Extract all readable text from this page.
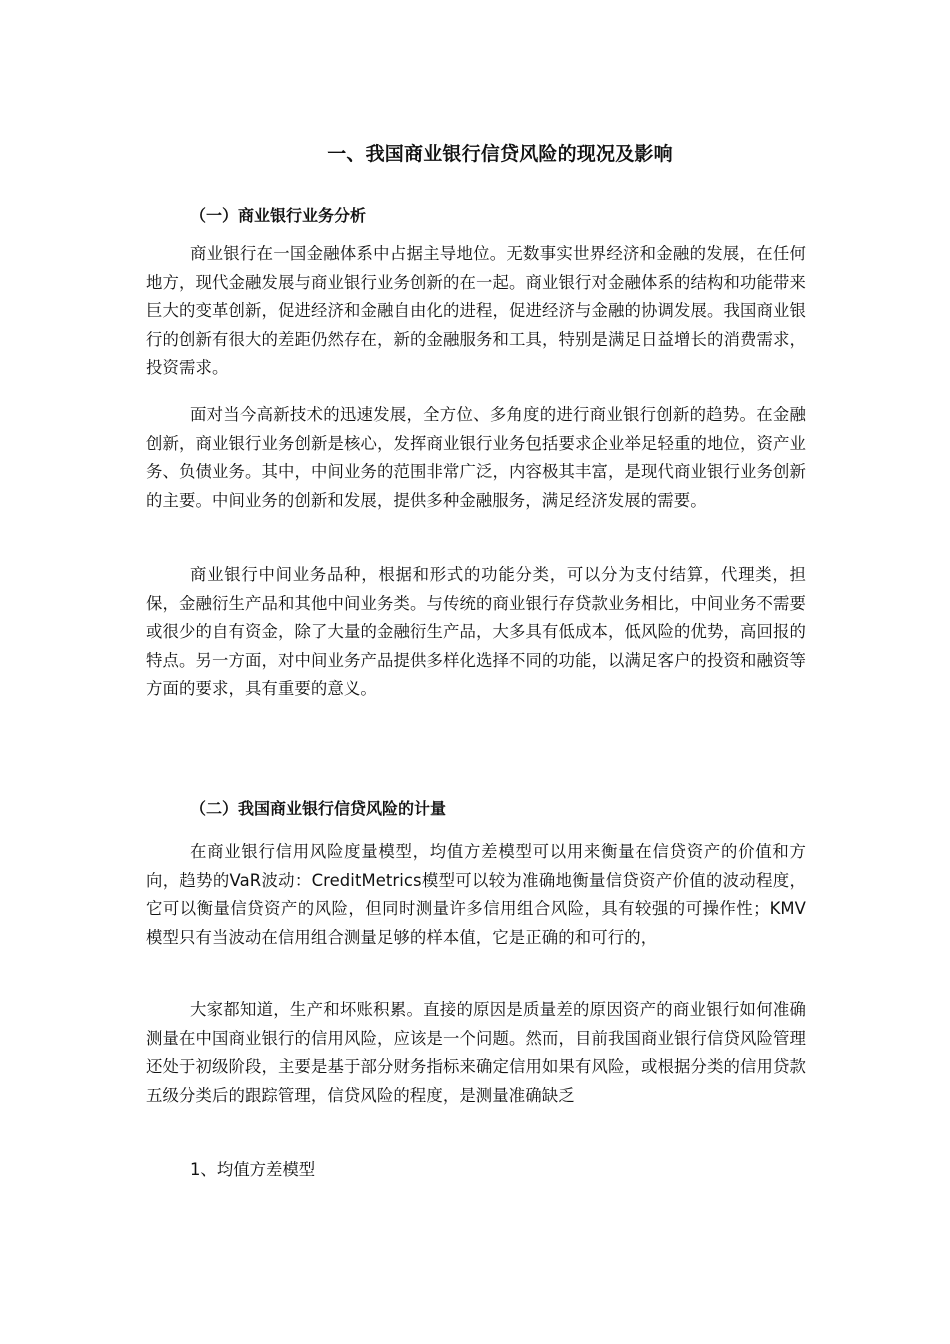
一、我国商业银行信贷风险的现况及影响
（一）商业银行业务分析

商业银行在一国金融体系中占据主导地位。无数事实世界经济和金融的发展，在任何地方，现代金融发展与商业银行业务创新的在一起。商业银行对金融体系的结构和功能带来巨大的变革创新，促进经济和金融自由化的进程，促进经济与金融的协调发展。我国商业银行的创新有很大的差距仍然存在，新的金融服务和工具，特别是满足日益增长的消费需求，投资需求。

面对当今高新技术的迅速发展，全方位、多角度的进行商业银行创新的趋势。在金融创新，商业银行业务创新是核心，发挥商业银行业务包括要求企业举足轻重的地位，资产业务、负债业务。其中，中间业务的范围非常广泛，内容极其丰富，是现代商业银行业务创新的主要。中间业务的创新和发展，提供多种金融服务，满足经济发展的需要。

商业银行中间业务品种，根据和形式的功能分类，可以分为支付结算，代理类，担保，金融衍生产品和其他中间业务类。与传统的商业银行存贷款业务相比，中间业务不需要或很少的自有资金，除了大量的金融衍生产品，大多具有低成本，低风险的优势，高回报的特点。另一方面，对中间业务产品提供多样化选择不同的功能，以满足客户的投资和融资等方面的要求，具有重要的意义。

（二）我国商业银行信贷风险的计量

在商业银行信用风险度量模型，均值方差模型可以用来衡量在信贷资产的价值和方向，趋势的VaR波动：CreditMetrics模型可以较为准确地衡量信贷资产价值的波动程度，它可以衡量信贷资产的风险，但同时测量许多信用组合风险，具有较强的可操作性；KMV模型只有当波动在信用组合测量足够的样本值，它是正确的和可行的，

大家都知道，生产和坏账积累。直接的原因是质量差的原因资产的商业银行如何准确测量在中国商业银行的信用风险，应该是一个问题。然而，目前我国商业银行信贷风险管理还处于初级阶段，主要是基于部分财务指标来确定信用如果有风险，或根据分类的信用贷款五级分类后的跟踪管理，信贷风险的程度，是测量准确缺乏

1、均值方差模型
